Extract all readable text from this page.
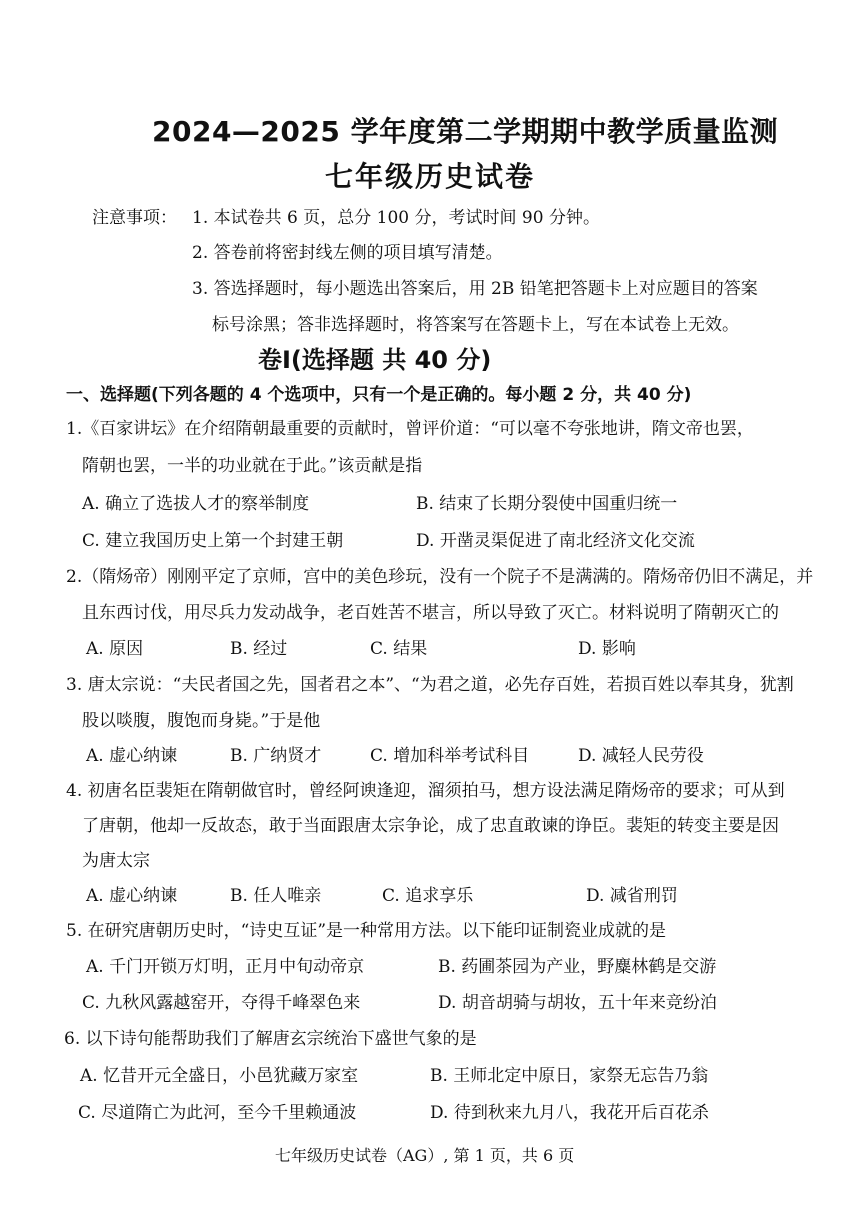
2024—2025 学年度第二学期期中教学质量监测
七年级历史试卷
注意事项： 1. 本试卷共 6 页，总分 100 分，考试时间 90 分钟。
2. 答卷前将密封线左侧的项目填写清楚。
3. 答选择题时，每小题选出答案后，用 2B 铅笔把答题卡上对应题目的答案
标号涂黑；答非选择题时，将答案写在答题卡上，写在本试卷上无效。
卷Ⅰ(选择题 共 40 分)
一、选择题(下列各题的 4 个选项中，只有一个是正确的。每小题 2 分，共 40 分)
1.《百家讲坛》在介绍隋朝最重要的贡献时，曾评价道：“可以毫不夸张地讲，隋文帝也罢，
隋朝也罢，一半的功业就在于此。”该贡献是指
A. 确立了选拔人才的察举制度	B. 结束了长期分裂使中国重归统一
C. 建立我国历史上第一个封建王朝	D. 开凿灵渠促进了南北经济文化交流
2.（隋炀帝）刚刚平定了京师，宫中的美色珍玩，没有一个院子不是满满的。隋炀帝仍旧不满足，并
且东西讨伐，用尽兵力发动战争，老百姓苦不堪言，所以导致了灭亡。材料说明了隋朝灭亡的
A. 原因	B. 经过	C. 结果	D. 影响
3. 唐太宗说：“夫民者国之先，国者君之本”、“为君之道，必先存百姓，若损百姓以奉其身，犹割
股以啖腹，腹饱而身毙。”于是他
A. 虚心纳谏	B. 广纳贤才	C. 增加科举考试科目	D. 减轻人民劳役
4. 初唐名臣裴矩在隋朝做官时，曾经阿谀逢迎，溜须拍马，想方设法满足隋炀帝的要求；可从到
了唐朝，他却一反故态，敢于当面跟唐太宗争论，成了忠直敢谏的诤臣。裴矩的转变主要是因
为唐太宗
A. 虚心纳谏	B. 任人唯亲	C. 追求享乐	D. 减省刑罚
5. 在研究唐朝历史时，“诗史互证”是一种常用方法。以下能印证制瓷业成就的是
A. 千门开锁万灯明，正月中旬动帝京	B. 药圃茶园为产业，野麋林鹤是交游
C. 九秋风露越窑开，夺得千峰翠色来	D. 胡音胡骑与胡妆，五十年来竞纷泊
6. 以下诗句能帮助我们了解唐玄宗统治下盛世气象的是
A. 忆昔开元全盛日，小邑犹藏万家室	B. 王师北定中原日，家祭无忘告乃翁
C. 尽道隋亡为此河，至今千里赖通波	D. 待到秋来九月八，我花开后百花杀
七年级历史试卷（AG）, 第 1 页，共 6 页
